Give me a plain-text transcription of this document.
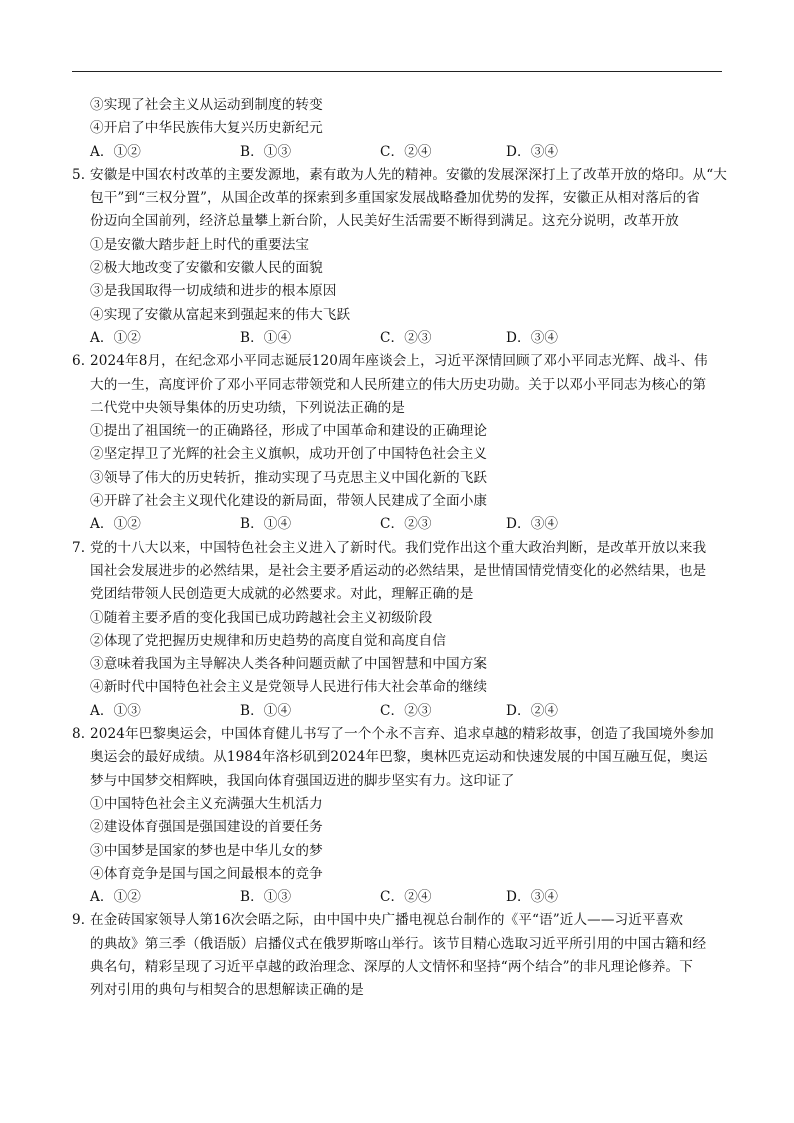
③实现了社会主义从运动到制度的转变
④开启了中华民族伟大复兴历史新纪元
A．①②	B．①③	C．②④	D．③④
5. 安徽是中国农村改革的主要发源地，素有敢为人先的精神。安徽的发展深深打上了改革开放的烙印。从“大
包干”到“三权分置”，从国企改革的探索到多重国家发展战略叠加优势的发挥，安徽正从相对落后的省
份迈向全国前列，经济总量攀上新台阶，人民美好生活需要不断得到满足。这充分说明，改革开放
①是安徽大踏步赶上时代的重要法宝
②极大地改变了安徽和安徽人民的面貌
③是我国取得一切成绩和进步的根本原因
④实现了安徽从富起来到强起来的伟大飞跃
A．①②	B．①④	C．②③	D．③④
6. 2024年8月，在纪念邓小平同志诞辰120周年座谈会上，习近平深情回顾了邓小平同志光辉、战斗、伟
大的一生，高度评价了邓小平同志带领党和人民所建立的伟大历史功勋。关于以邓小平同志为核心的第
二代党中央领导集体的历史功绩，下列说法正确的是
①提出了祖国统一的正确路径，形成了中国革命和建设的正确理论
②坚定捍卫了光辉的社会主义旗帜，成功开创了中国特色社会主义
③领导了伟大的历史转折，推动实现了马克思主义中国化新的飞跃
④开辟了社会主义现代化建设的新局面，带领人民建成了全面小康
A．①②	B．①④	C．②③	D．③④
7. 党的十八大以来，中国特色社会主义进入了新时代。我们党作出这个重大政治判断，是改革开放以来我
国社会发展进步的必然结果，是社会主要矛盾运动的必然结果，是世情国情党情变化的必然结果，也是
党团结带领人民创造更大成就的必然要求。对此，理解正确的是
①随着主要矛盾的变化我国已成功跨越社会主义初级阶段
②体现了党把握历史规律和历史趋势的高度自觉和高度自信
③意味着我国为主导解决人类各种问题贡献了中国智慧和中国方案
④新时代中国特色社会主义是党领导人民进行伟大社会革命的继续
A．①③	B．①④	C．②③	D．②④
8. 2024年巴黎奥运会，中国体育健儿书写了一个个永不言弃、追求卓越的精彩故事，创造了我国境外参加
奥运会的最好成绩。从1984年洛杉矶到2024年巴黎，奥林匹克运动和快速发展的中国互融互促，奥运
梦与中国梦交相辉映，我国向体育强国迈进的脚步坚实有力。这印证了
①中国特色社会主义充满强大生机活力
②建设体育强国是强国建设的首要任务
③中国梦是国家的梦也是中华儿女的梦
④体育竞争是国与国之间最根本的竞争
A．①②	B．①③	C．②④	D．③④
9．在金砖国家领导人第16次会晤之际，由中国中央广播电视总台制作的《平“语”近人——习近平喜欢
的典故》第三季（俄语版）启播仪式在俄罗斯喀山举行。该节目精心选取习近平所引用的中国古籍和经
典名句，精彩呈现了习近平卓越的政治理念、深厚的人文情怀和坚持“两个结合”的非凡理论修养。下
列对引用的典句与相契合的思想解读正确的是
